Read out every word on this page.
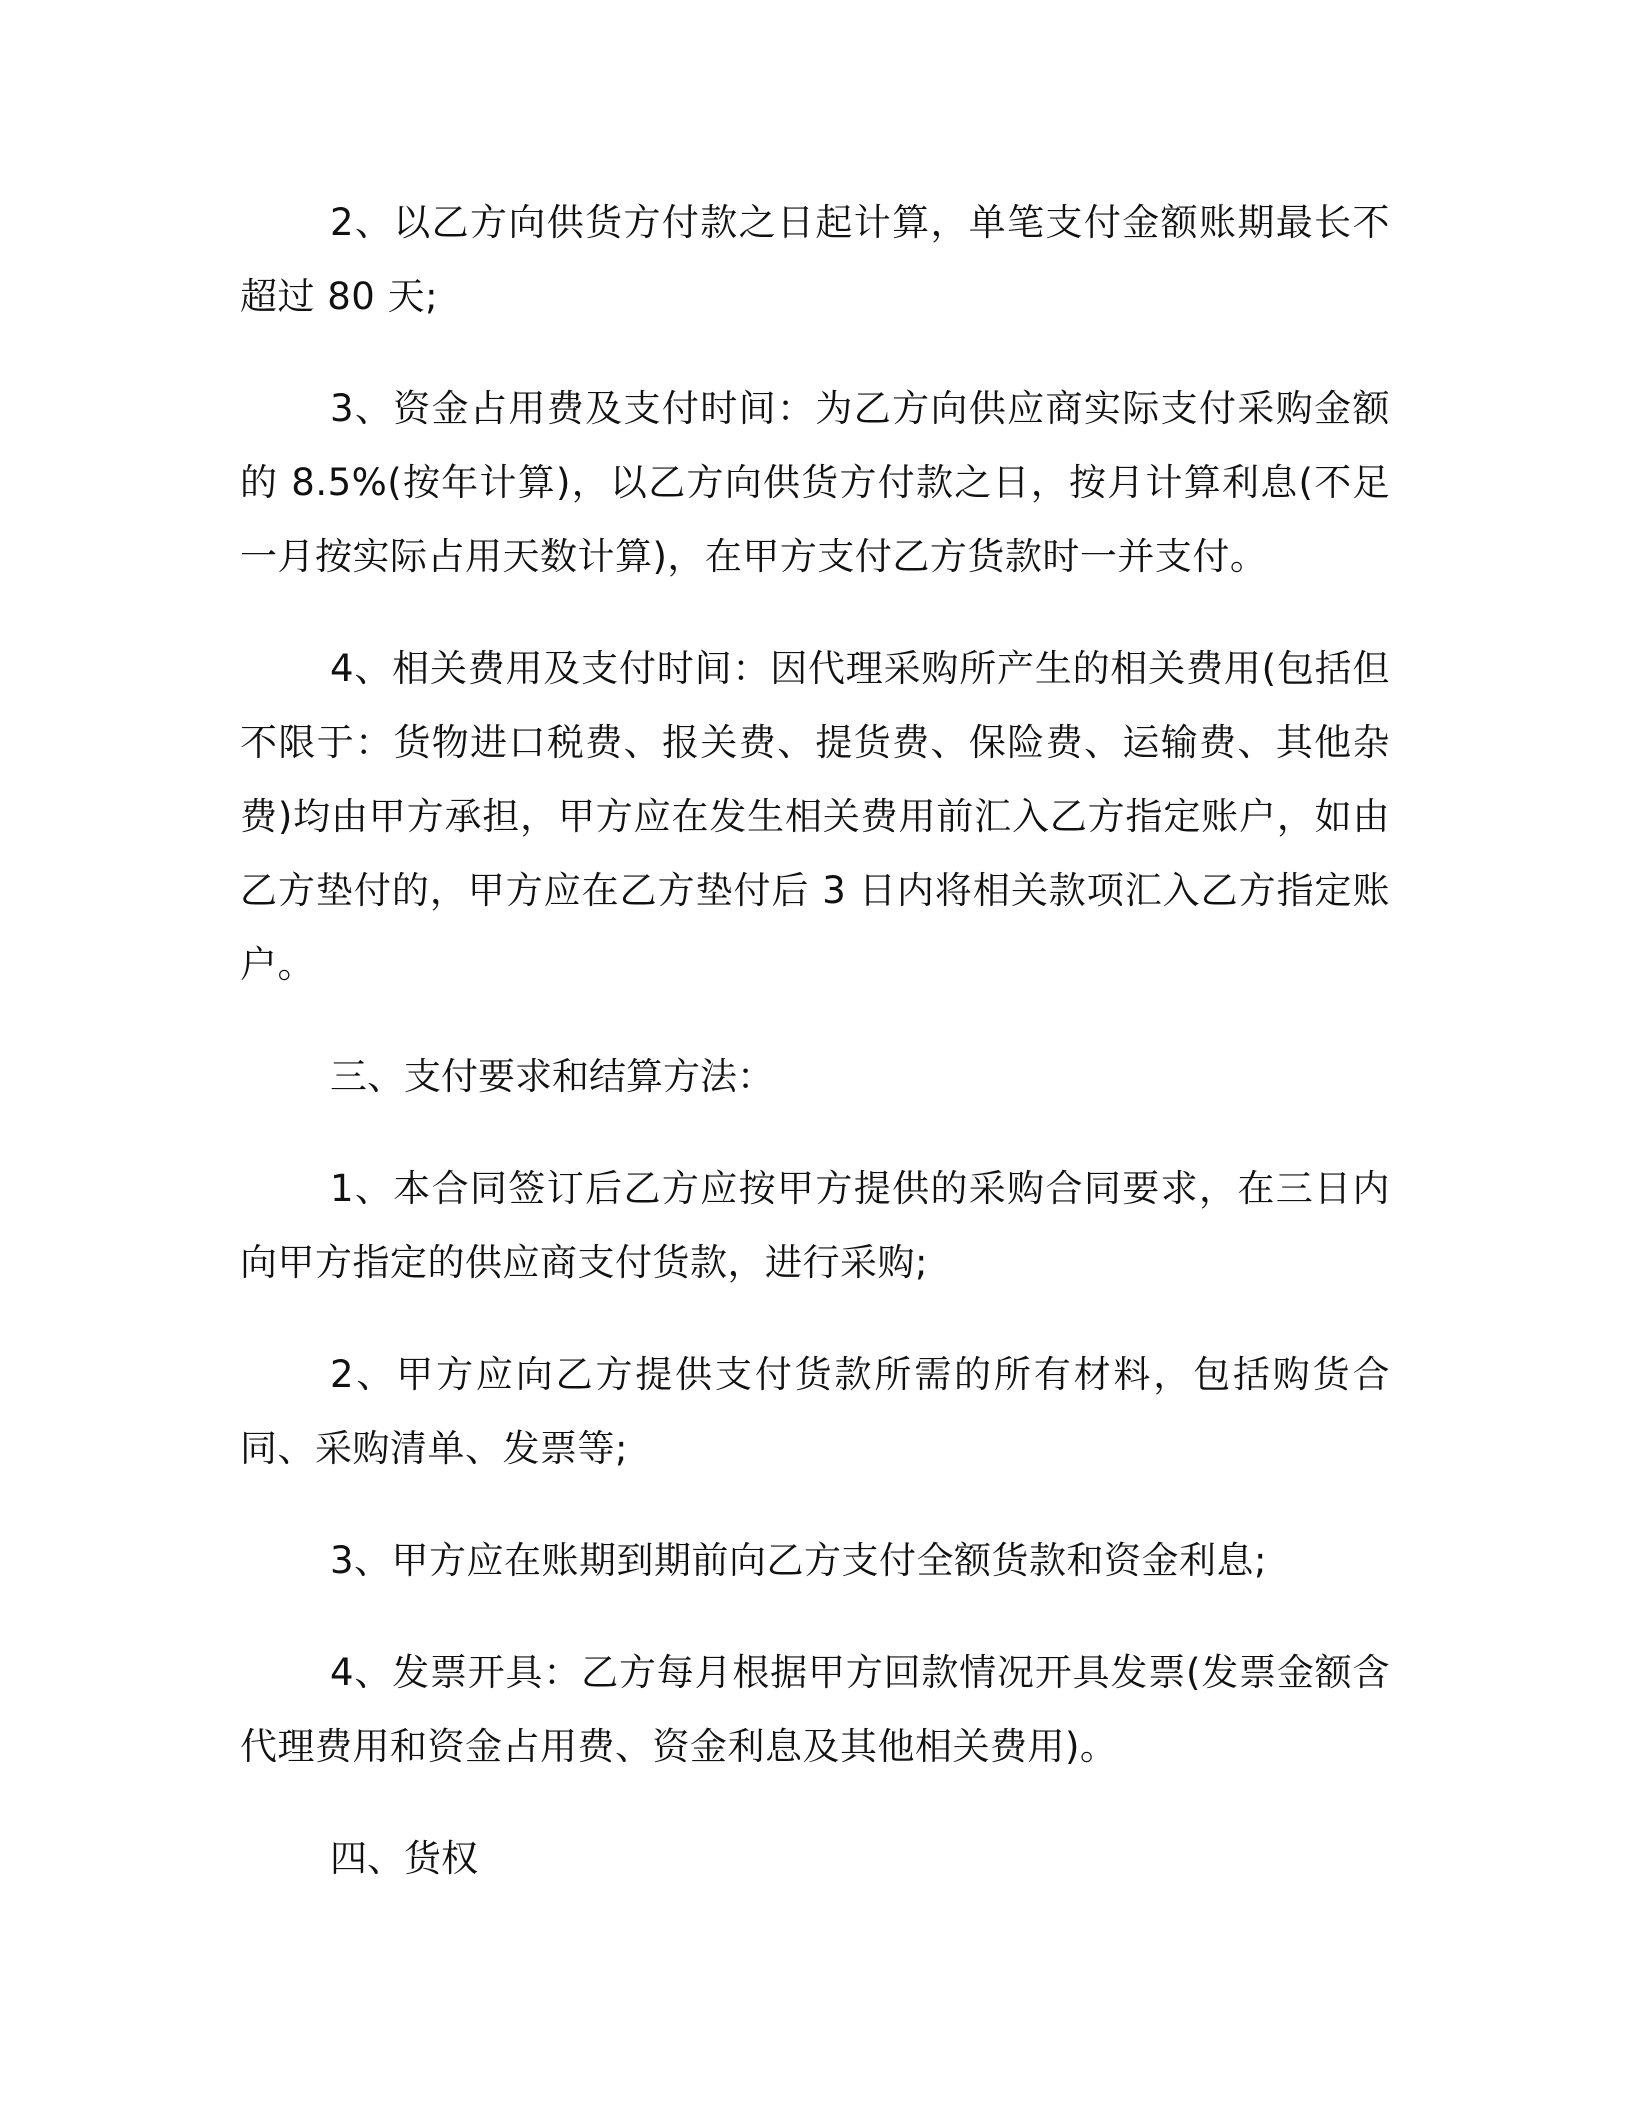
2、以乙方向供货方付款之日起计算，单笔支付金额账期最长不超过 80 天;

3、资金占用费及支付时间：为乙方向供应商实际支付采购金额的 8.5%(按年计算)，以乙方向供货方付款之日，按月计算利息(不足一月按实际占用天数计算)，在甲方支付乙方货款时一并支付。

4、相关费用及支付时间：因代理采购所产生的相关费用(包括但不限于：货物进口税费、报关费、提货费、保险费、运输费、其他杂费)均由甲方承担，甲方应在发生相关费用前汇入乙方指定账户，如由乙方垫付的，甲方应在乙方垫付后 3 日内将相关款项汇入乙方指定账户。

三、支付要求和结算方法：

1、本合同签订后乙方应按甲方提供的采购合同要求，在三日内向甲方指定的供应商支付货款，进行采购;

2、甲方应向乙方提供支付货款所需的所有材料，包括购货合同、采购清单、发票等;

3、甲方应在账期到期前向乙方支付全额货款和资金利息;

4、发票开具：乙方每月根据甲方回款情况开具发票(发票金额含代理费用和资金占用费、资金利息及其他相关费用)。

四、货权
